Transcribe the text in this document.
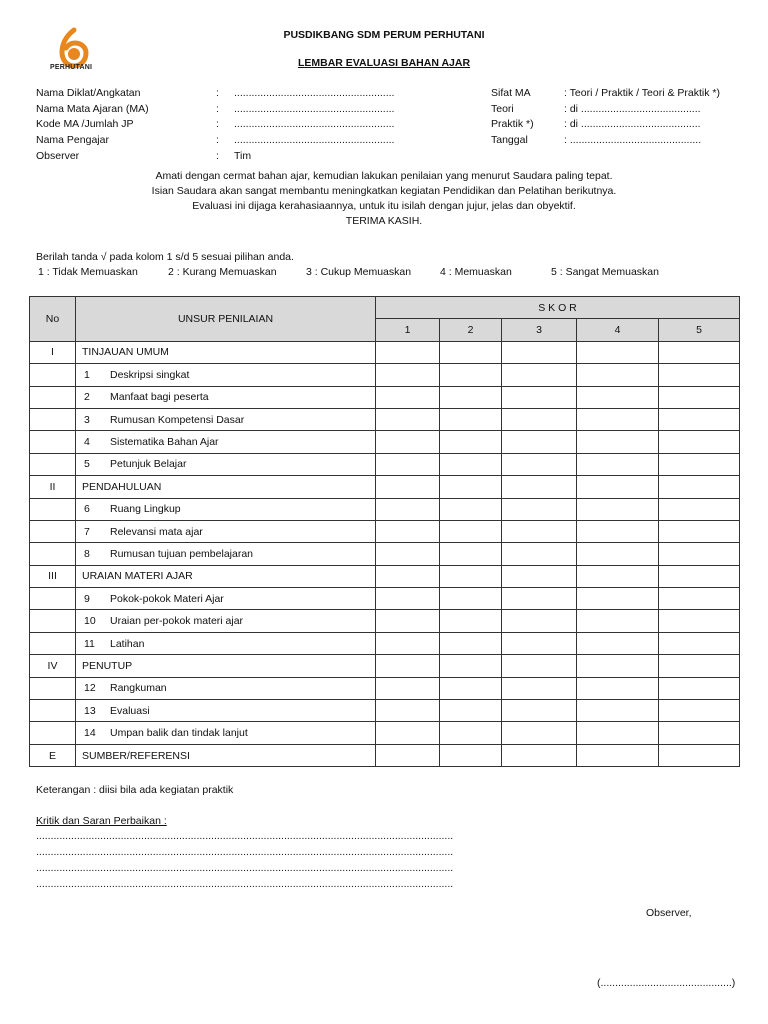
PERHUTANI
PUSDIKBANG SDM PERUM PERHUTANI
LEMBAR EVALUASI BAHAN AJAR
Nama Diklat/Angkatan	: .......................................................
Nama Mata Ajaran (MA)	: .......................................................
Kode MA /Jumlah JP	: .......................................................
Nama Pengajar	: .......................................................
Observer	: Tim
Sifat MA	: Teori / Praktik / Teori & Praktik *)
Teori	: di .........................................
Praktik *)	: di .........................................
Tanggal	: .............................................
Amati dengan cermat bahan ajar, kemudian lakukan penilaian yang menurut Saudara paling tepat.
Isian Saudara akan sangat membantu meningkatkan kegiatan Pendidikan dan Pelatihan berikutnya.
Evaluasi ini dijaga kerahasiaannya, untuk itu isilah dengan jujur, jelas dan obyektif.
TERIMA KASIH.
Berilah tanda √ pada kolom 1 s/d 5 sesuai pilihan anda.
1 : Tidak Memuaskan	2 : Kurang Memuaskan	3 : Cukup Memuaskan	4 : Memuaskan	5 : Sangat Memuaskan
No	UNSUR PENILAIAN	S K O R				
		1	2	3	4	5
I	TINJAUAN UMUM					
	1 Deskripsi singkat					
	2 Manfaat bagi peserta					
	3 Rumusan Kompetensi Dasar					
	4 Sistematika Bahan Ajar					
	5 Petunjuk Belajar					
II	PENDAHULUAN					
	6 Ruang Lingkup					
	7 Relevansi mata ajar					
	8 Rumusan tujuan pembelajaran					
III	URAIAN MATERI AJAR					
	9 Pokok-pokok Materi Ajar					
	10 Uraian per-pokok materi ajar					
	11 Latihan					
IV	PENUTUP					
	12 Rangkuman					
	13 Evaluasi					
	14 Umpan balik dan tindak lanjut					
E	SUMBER/REFERENSI					
Keterangan : diisi bila ada kegiatan praktik
Kritik dan Saran Perbaikan :
...............................................................................................................................................
...............................................................................................................................................
...............................................................................................................................................
...............................................................................................................................................
Observer,
(.............................................)
